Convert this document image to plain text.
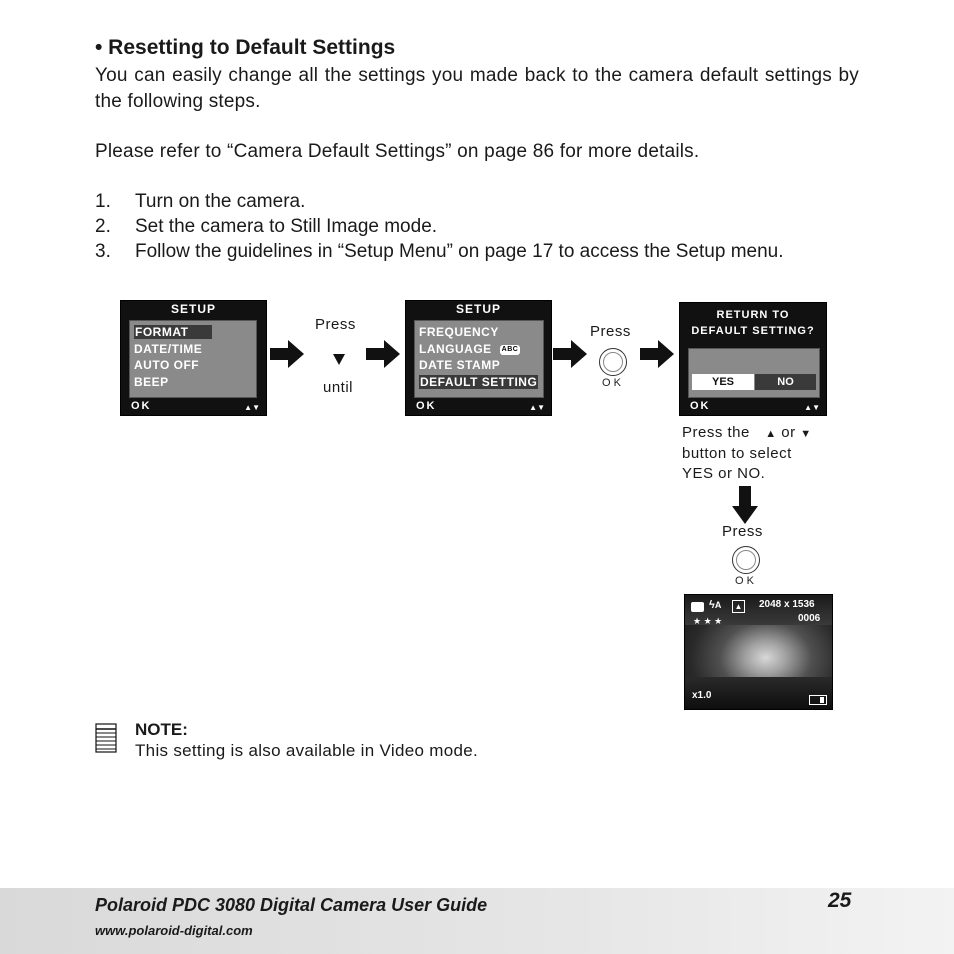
• Resetting to Default Settings
You can easily change all the settings you made back to the camera default settings by the following steps.
Please refer to “Camera Default Settings” on page 86 for more details.
1. Turn on the camera.
2. Set the camera to Still Image mode.
3. Follow the guidelines in “Setup Menu” on page 17 to access the Setup menu.
SETUP
FORMAT
DATE/TIME
AUTO OFF
BEEP
OK	▲▼
Press
until
SETUP
FREQUENCY
LANGUAGE ABC
DATE STAMP
DEFAULT SETTING
OK	▲▼
Press
OK
RETURN TO
DEFAULT SETTING?
YES	NO
OK	▲▼
Press the ▲ or ▼
button to select
YES or NO.
Press
OK
ϟA	▲
★ ★ ★
2048 x 1536
0006
x1.0
NOTE:
This setting is also available in Video mode.
Polaroid PDC 3080 Digital Camera User Guide
www.polaroid-digital.com
25
